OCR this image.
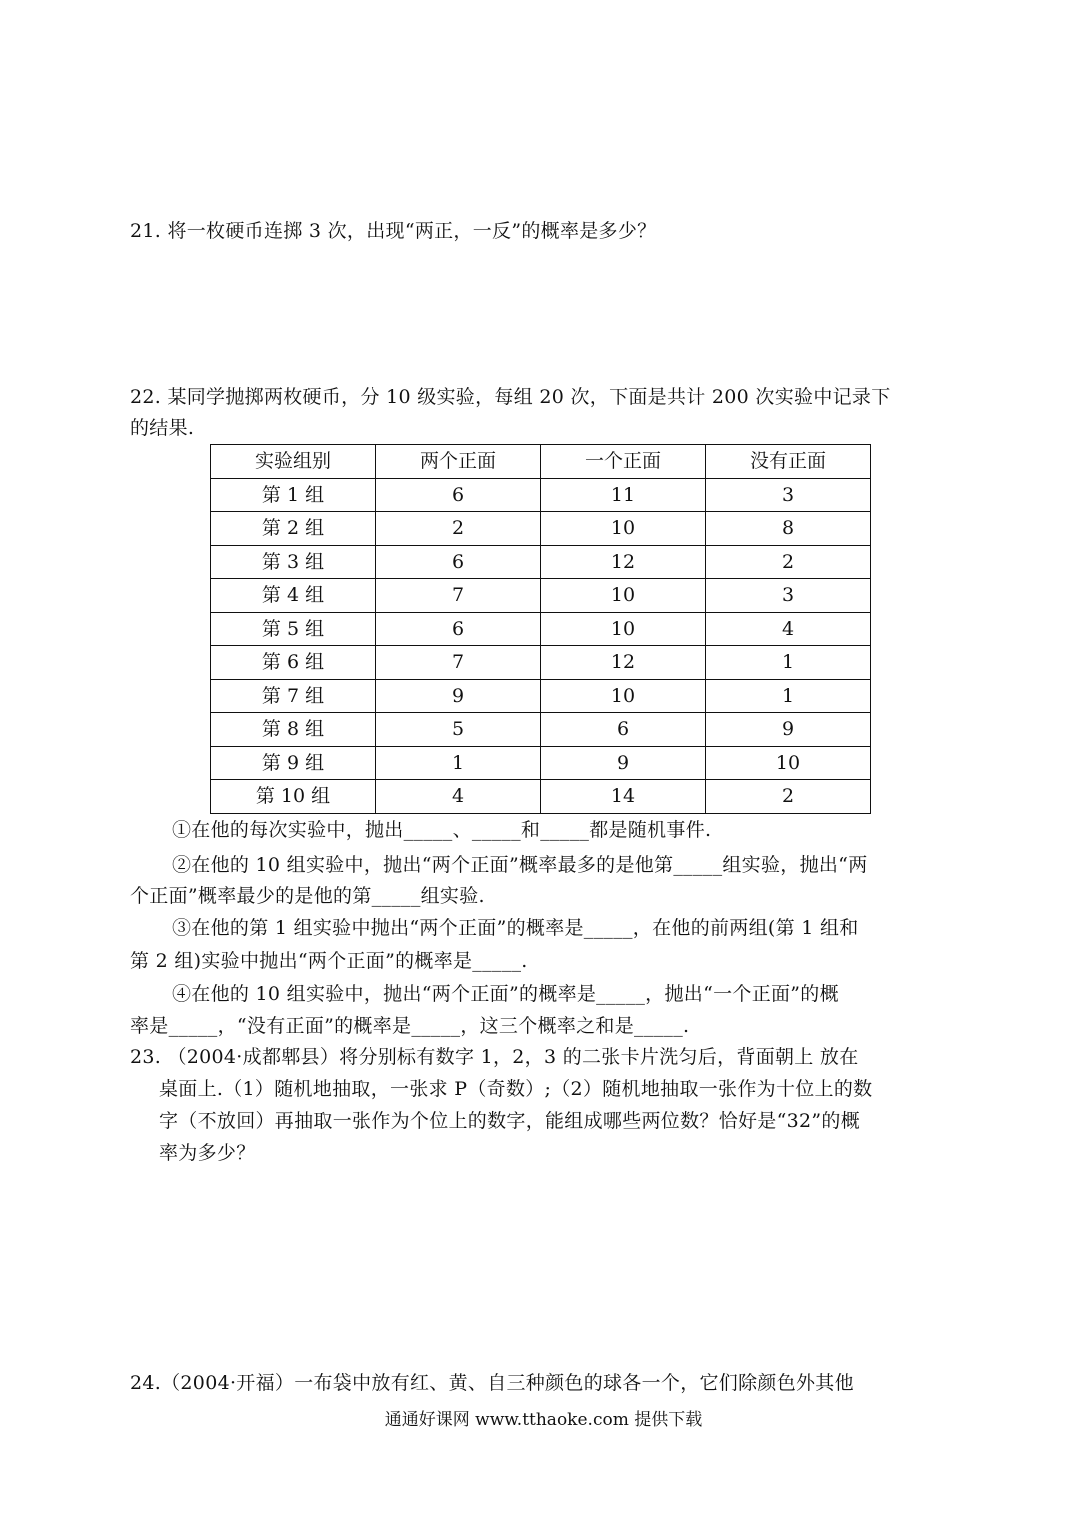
21. 将一枚硬币连掷 3 次，出现“两正，一反”的概率是多少？
22. 某同学抛掷两枚硬币，分 10 级实验，每组 20 次，下面是共计 200 次实验中记录下
的结果.
实验组别	两个正面	一个正面	没有正面
第 1 组	6	11	3
第 2 组	2	10	8
第 3 组	6	12	2
第 4 组	7	10	3
第 5 组	6	10	4
第 6 组	7	12	1
第 7 组	9	10	1
第 8 组	5	6	9
第 9 组	1	9	10
第 10 组	4	14	2
①在他的每次实验中，抛出_____、_____和_____都是随机事件.
②在他的 10 组实验中，抛出“两个正面”概率最多的是他第_____组实验，抛出“两
个正面”概率最少的是他的第_____组实验.
③在他的第 1 组实验中抛出“两个正面”的概率是_____，在他的前两组(第 1 组和
第 2 组)实验中抛出“两个正面”的概率是_____.
④在他的 10 组实验中，抛出“两个正面”的概率是_____，抛出“一个正面”的概
率是_____，“没有正面”的概率是_____，这三个概率之和是_____.
23. （2004·成都郫县）将分别标有数字 1，2，3 的二张卡片洗匀后，背面朝上 放在
桌面上.（1）随机地抽取，一张求 P（奇数）;（2）随机地抽取一张作为十位上的数
字（不放回）再抽取一张作为个位上的数字，能组成哪些两位数？恰好是“32”的概
率为多少？
24.（2004·开福）一布袋中放有红、黄、自三种颜色的球各一个，它们除颜色外其他
通通好课网 www.tthaoke.com 提供下载
